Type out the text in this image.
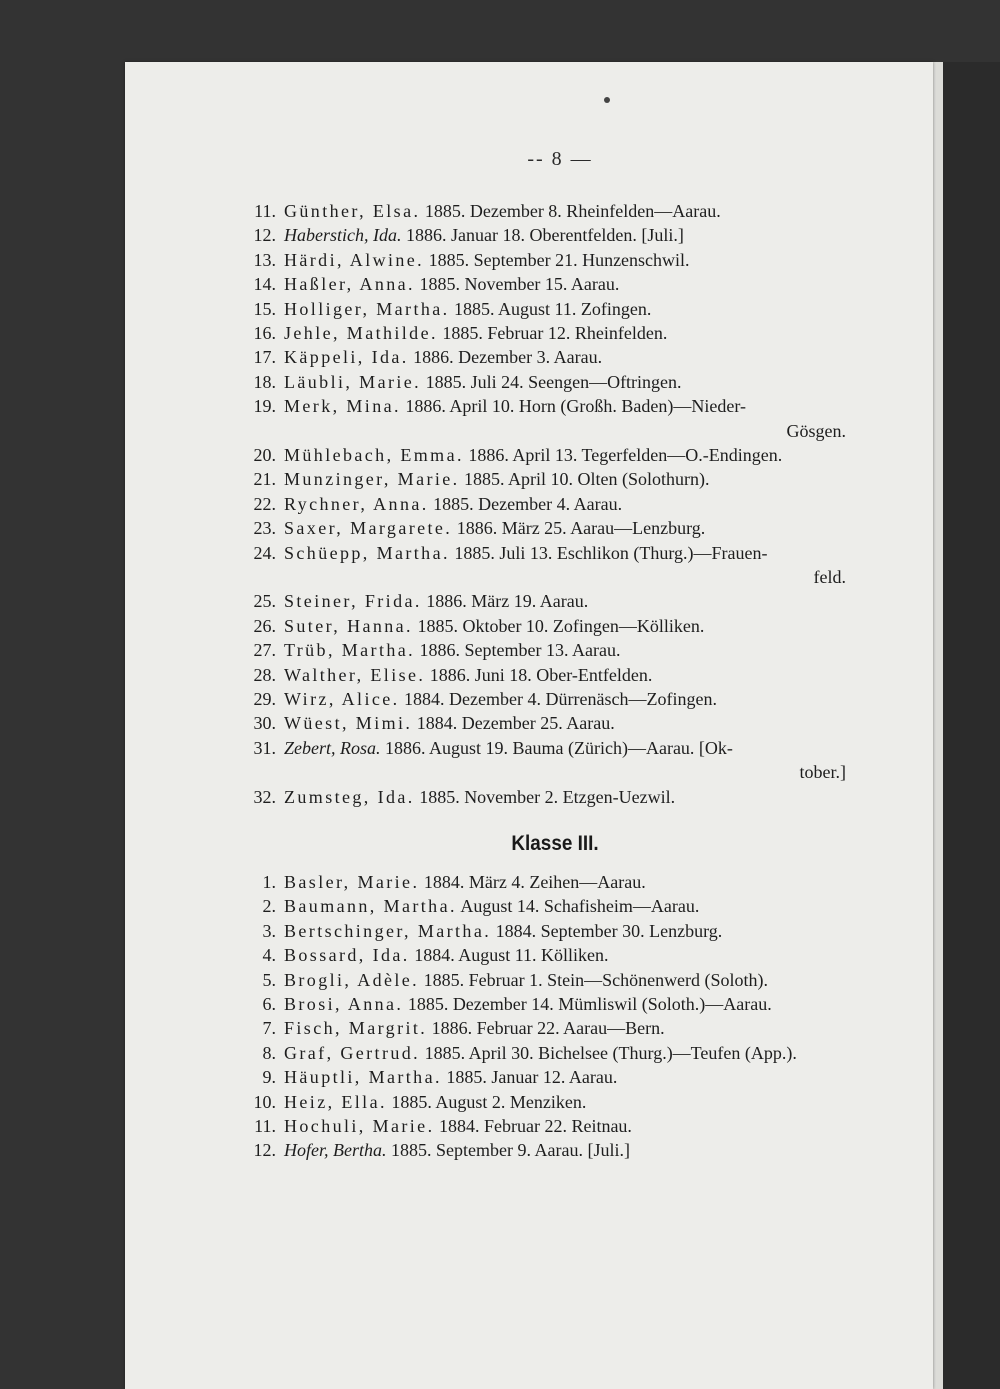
-- 8 —
11. Günther, Elsa. 1885. Dezember 8. Rheinfelden—Aarau.
12. Haberstich, Ida. 1886. Januar 18. Oberentfelden. [Juli.]
13. Härdi, Alwine. 1885. September 21. Hunzenschwil.
14. Haßler, Anna. 1885. November 15. Aarau.
15. Holliger, Martha. 1885. August 11. Zofingen.
16. Jehle, Mathilde. 1885. Februar 12. Rheinfelden.
17. Käppeli, Ida. 1886. Dezember 3. Aarau.
18. Läubli, Marie. 1885. Juli 24. Seengen—Oftringen.
19. Merk, Mina. 1886. April 10. Horn (Großh. Baden)—Nieder-
Gösgen.
20. Mühlebach, Emma. 1886. April 13. Tegerfelden—O.-Endingen.
21. Munzinger, Marie. 1885. April 10. Olten (Solothurn).
22. Rychner, Anna. 1885. Dezember 4. Aarau.
23. Saxer, Margarete. 1886. März 25. Aarau—Lenzburg.
24. Schüepp, Martha. 1885. Juli 13. Eschlikon (Thurg.)—Frauen-
feld.
25. Steiner, Frida. 1886. März 19. Aarau.
26. Suter, Hanna. 1885. Oktober 10. Zofingen—Kölliken.
27. Trüb, Martha. 1886. September 13. Aarau.
28. Walther, Elise. 1886. Juni 18. Ober-Entfelden.
29. Wirz, Alice. 1884. Dezember 4. Dürrenäsch—Zofingen.
30. Wüest, Mimi. 1884. Dezember 25. Aarau.
31. Zebert, Rosa. 1886. August 19. Bauma (Zürich)—Aarau. [Ok-
tober.]
32. Zumsteg, Ida. 1885. November 2. Etzgen-Uezwil.
Klasse III.
1. Basler, Marie. 1884. März 4. Zeihen—Aarau.
2. Baumann, Martha. August 14. Schafisheim—Aarau.
3. Bertschinger, Martha. 1884. September 30. Lenzburg.
4. Bossard, Ida. 1884. August 11. Kölliken.
5. Brogli, Adèle. 1885. Februar 1. Stein—Schönenwerd (Soloth).
6. Brosi, Anna. 1885. Dezember 14. Mümliswil (Soloth.)—Aarau.
7. Fisch, Margrit. 1886. Februar 22. Aarau—Bern.
8. Graf, Gertrud. 1885. April 30. Bichelsee (Thurg.)—Teufen (App.).
9. Häuptli, Martha. 1885. Januar 12. Aarau.
10. Heiz, Ella. 1885. August 2. Menziken.
11. Hochuli, Marie. 1884. Februar 22. Reitnau.
12. Hofer, Bertha. 1885. September 9. Aarau. [Juli.]
